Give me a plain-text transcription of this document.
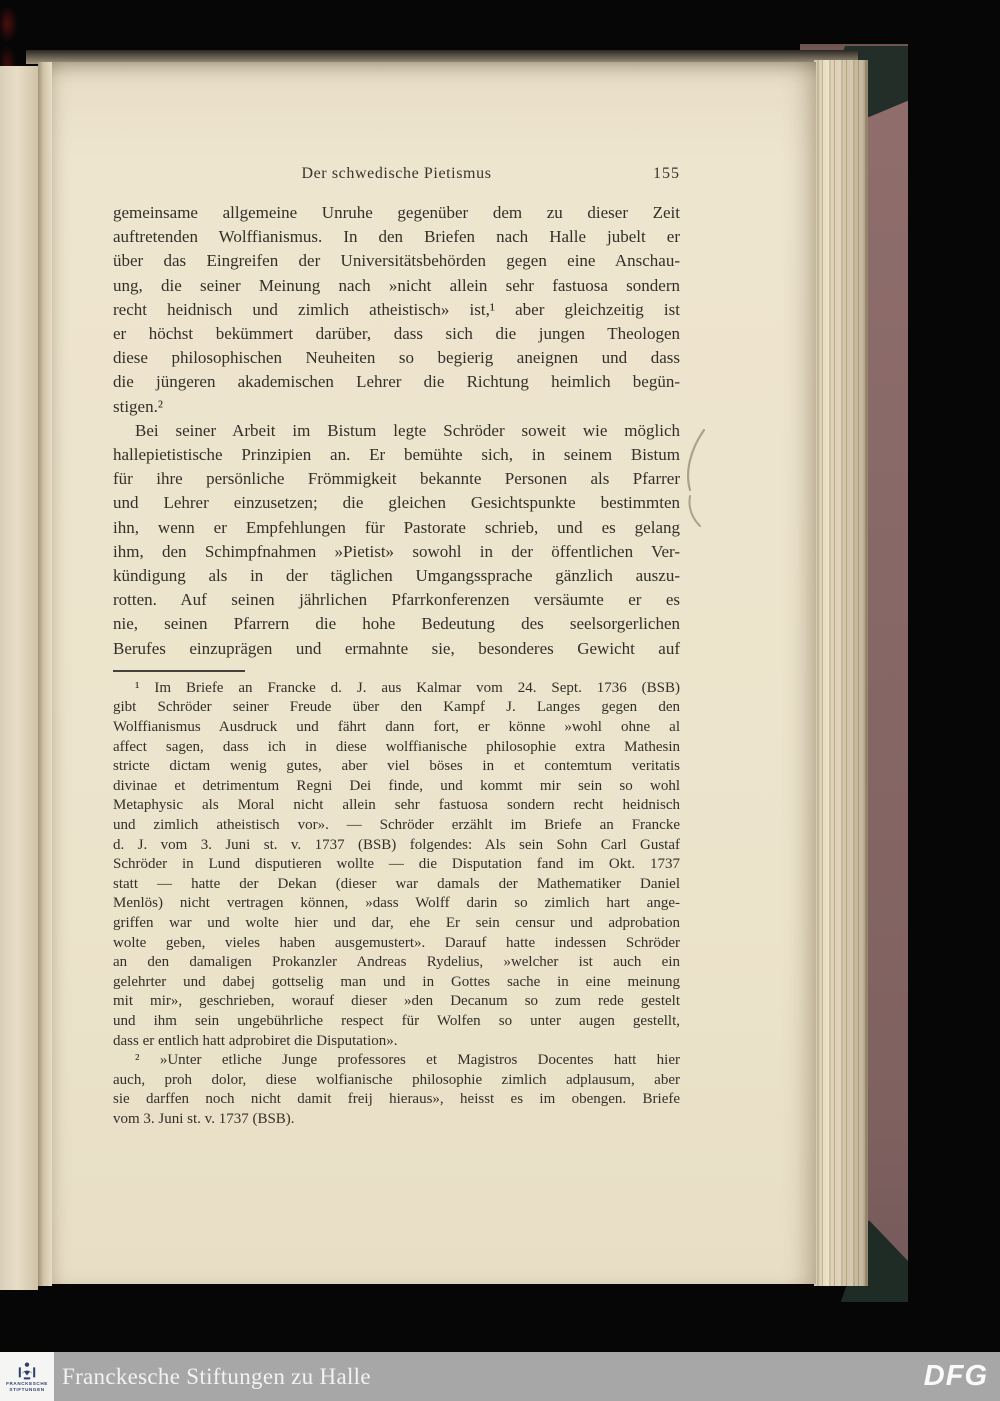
Der schwedische Pietismus	155
gemeinsame allgemeine Unruhe gegenüber dem zu dieser Zeit
auftretenden Wolffianismus. In den Briefen nach Halle jubelt er
über das Eingreifen der Universitätsbehörden gegen eine Anschau-
ung, die seiner Meinung nach »nicht allein sehr fastuosa sondern
recht heidnisch und zimlich atheistisch» ist,¹ aber gleichzeitig ist
er höchst bekümmert darüber, dass sich die jungen Theologen
diese philosophischen Neuheiten so begierig aneignen und dass
die jüngeren akademischen Lehrer die Richtung heimlich begün-
stigen.²
Bei seiner Arbeit im Bistum legte Schröder soweit wie möglich
hallepietistische Prinzipien an. Er bemühte sich, in seinem Bistum
für ihre persönliche Frömmigkeit bekannte Personen als Pfarrer
und Lehrer einzusetzen; die gleichen Gesichtspunkte bestimmten
ihn, wenn er Empfehlungen für Pastorate schrieb, und es gelang
ihm, den Schimpfnahmen »Pietist» sowohl in der öffentlichen Ver-
kündigung als in der täglichen Umgangssprache gänzlich auszu-
rotten. Auf seinen jährlichen Pfarrkonferenzen versäumte er es
nie, seinen Pfarrern die hohe Bedeutung des seelsorgerlichen
Berufes einzuprägen und ermahnte sie, besonderes Gewicht auf
¹ Im Briefe an Francke d. J. aus Kalmar vom 24. Sept. 1736 (BSB)
gibt Schröder seiner Freude über den Kampf J. Langes gegen den
Wolffianismus Ausdruck und fährt dann fort, er könne »wohl ohne al
affect sagen, dass ich in diese wolffianische philosophie extra Mathesin
stricte dictam wenig gutes, aber viel böses in et contemtum veritatis
divinae et detrimentum Regni Dei finde, und kommt mir sein so wohl
Metaphysic als Moral nicht allein sehr fastuosa sondern recht heidnisch
und zimlich atheistisch vor». — Schröder erzählt im Briefe an Francke
d. J. vom 3. Juni st. v. 1737 (BSB) folgendes: Als sein Sohn Carl Gustaf
Schröder in Lund disputieren wollte — die Disputation fand im Okt. 1737
statt — hatte der Dekan (dieser war damals der Mathematiker Daniel
Menlös) nicht vertragen können, »dass Wolff darin so zimlich hart ange-
griffen war und wolte hier und dar, ehe Er sein censur und adprobation
wolte geben, vieles haben ausgemustert». Darauf hatte indessen Schröder
an den damaligen Prokanzler Andreas Rydelius, »welcher ist auch ein
gelehrter und dabej gottselig man und in Gottes sache in eine meinung
mit mir», geschrieben, worauf dieser »den Decanum so zum rede gestelt
und ihm sein ungebührliche respect für Wolfen so unter augen gestellt,
dass er entlich hatt adprobiret die Disputation».
² »Unter etliche Junge professores et Magistros Docentes hatt hier
auch, proh dolor, diese wolfianische philosophie zimlich adplausum, aber
sie darffen noch nicht damit freij hieraus», heisst es im obengen. Briefe
vom 3. Juni st. v. 1737 (BSB).
FRANCKESCHE
STIFTUNGEN Franckesche Stiftungen zu Halle	DFG
